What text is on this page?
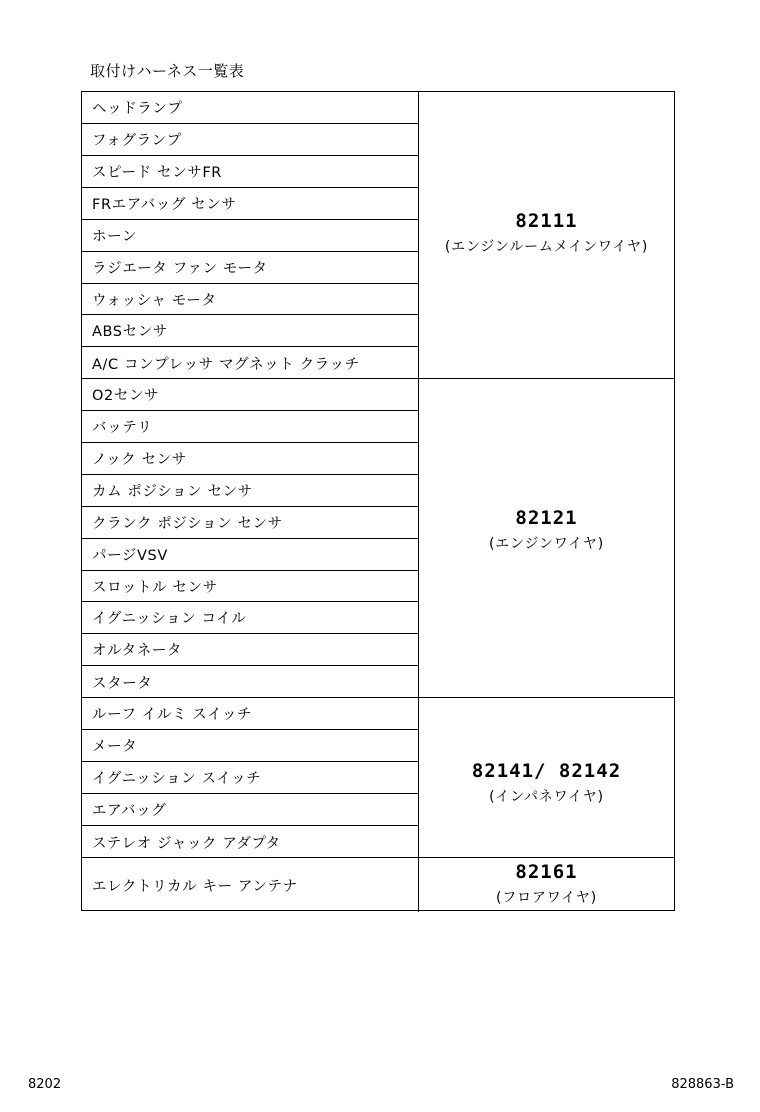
取付けハーネス一覧表
ヘッドランプ
フォグランプ
スピード センサFR
FRエアバッグ センサ
ホーン
ラジエータ ファン モータ
ウォッシャ モータ
ABSセンサ
A/C コンプレッサ マグネット クラッチ
82111
(エンジンルームメインワイヤ)
O2センサ
バッテリ
ノック センサ
カム ポジション センサ
クランク ポジション センサ
パージVSV
スロットル センサ
イグニッション コイル
オルタネータ
スタータ
82121
(エンジンワイヤ)
ルーフ イルミ スイッチ
メータ
イグニッション スイッチ
エアバッグ
ステレオ ジャック アダプタ
82141/ 82142
(インパネワイヤ)
エレクトリカル キー アンテナ
82161
(フロアワイヤ)
8202	828863-B
